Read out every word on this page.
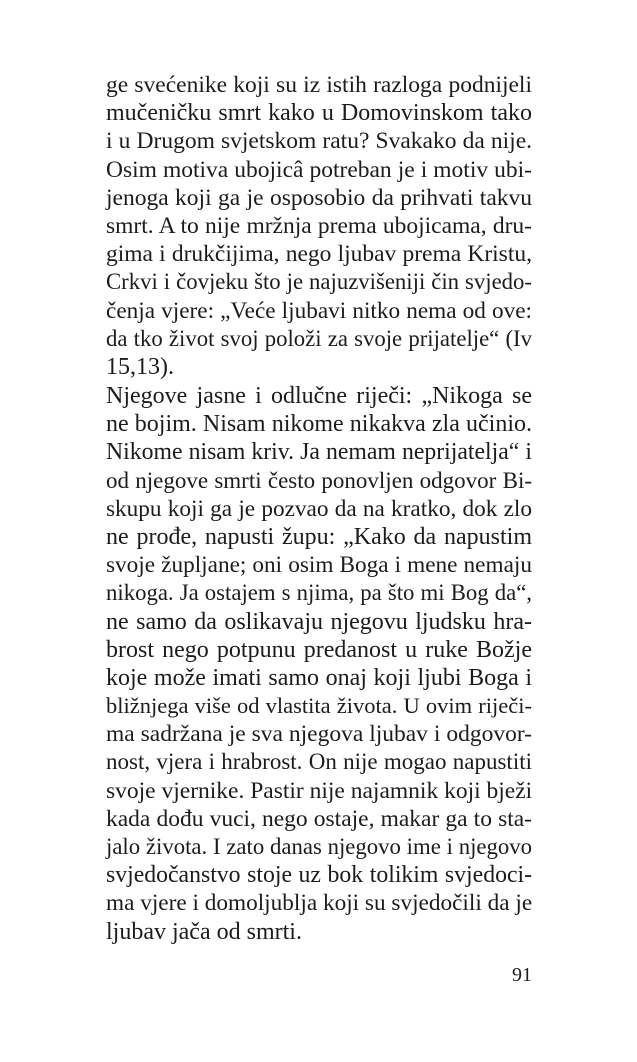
ge svećenike koji su iz istih razloga podnijeli
mučeničku smrt kako u Domovinskom tako
i u Drugom svjetskom ratu? Svakako da nije.
Osim motiva ubojicâ potreban je i motiv ubi-
jenoga koji ga je osposobio da prihvati takvu
smrt. A to nije mržnja prema ubojicama, dru-
gima i drukčijima, nego ljubav prema Kristu,
Crkvi i čovjeku što je najuzvišeniji čin svjedo-
čenja vjere: „Veće ljubavi nitko nema od ove:
da tko život svoj položi za svoje prijatelje“ (Iv
15,13).
Njegove jasne i odlučne riječi: „Nikoga se
ne bojim. Nisam nikome nikakva zla učinio.
Nikome nisam kriv. Ja nemam neprijatelja“ i
od njegove smrti često ponovljen odgovor Bi-
skupu koji ga je pozvao da na kratko, dok zlo
ne prođe, napusti župu: „Kako da napustim
svoje župljane; oni osim Boga i mene nemaju
nikoga. Ja ostajem s njima, pa što mi Bog da“,
ne samo da oslikavaju njegovu ljudsku hra-
brost nego potpunu predanost u ruke Božje
koje može imati samo onaj koji ljubi Boga i
bližnjega više od vlastita života. U ovim riječi-
ma sadržana je sva njegova ljubav i odgovor-
nost, vjera i hrabrost. On nije mogao napustiti
svoje vjernike. Pastir nije najamnik koji bježi
kada dođu vuci, nego ostaje, makar ga to sta-
jalo života. I zato danas njegovo ime i njegovo
svjedočanstvo stoje uz bok tolikim svjedoci-
ma vjere i domoljublja koji su svjedočili da je
ljubav jača od smrti.
91
